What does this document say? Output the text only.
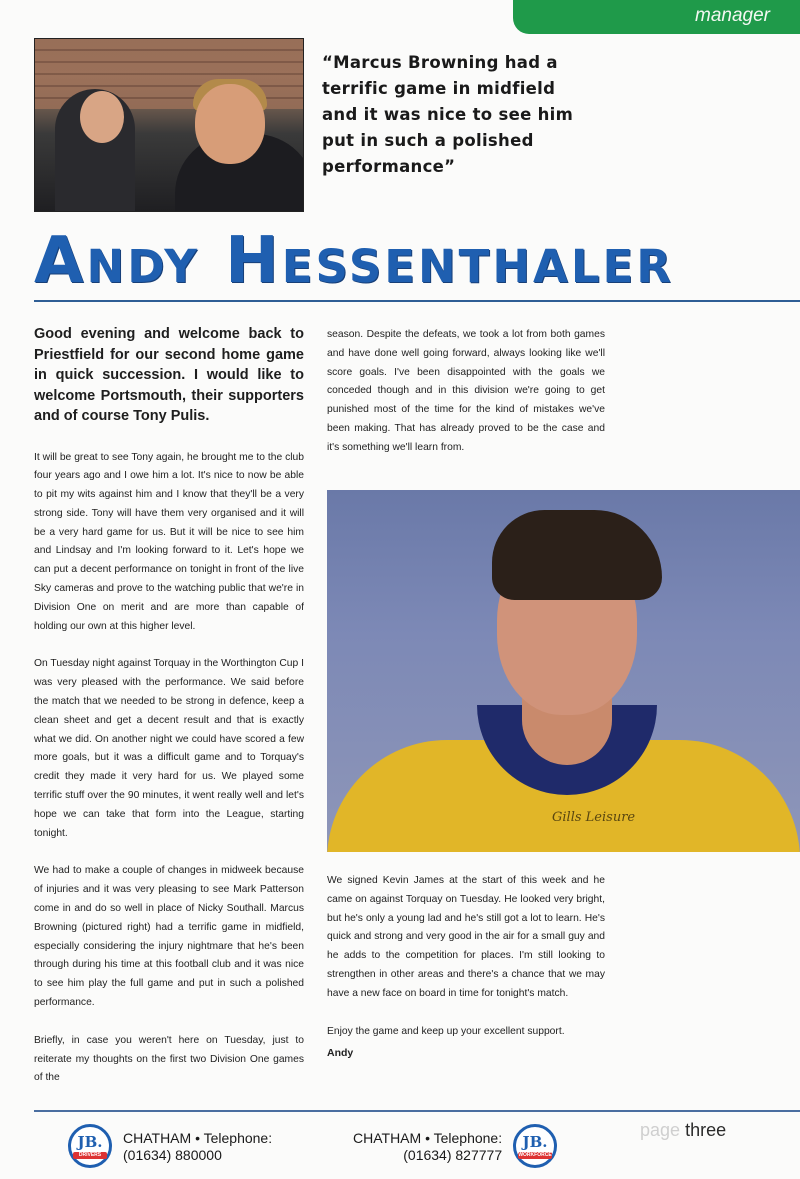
manager
“Marcus Browning had a terrific game in midfield and it was nice to see him put in such a polished performance”
Andy Hessenthaler

Good evening and welcome back to Priestfield for our second home game in quick succession. I would like to welcome Portsmouth, their supporters and of course Tony Pulis.

It will be great to see Tony again, he brought me to the club four years ago and I owe him a lot. It's nice to now be able to pit my wits against him and I know that they'll be a very strong side. Tony will have them very organised and it will be a very hard game for us. But it will be nice to see him and Lindsay and I'm looking forward to it. Let's hope we can put a decent performance on tonight in front of the live Sky cameras and prove to the watching public that we're in Division One on merit and are more than capable of holding our own at this higher level.

On Tuesday night against Torquay in the Worthington Cup I was very pleased with the performance. We said before the match that we needed to be strong in defence, keep a clean sheet and get a decent result and that is exactly what we did. On another night we could have scored a few more goals, but it was a difficult game and to Torquay's credit they made it very hard for us. We played some terrific stuff over the 90 minutes, it went really well and let's hope we can take that form into the League, starting tonight.

We had to make a couple of changes in midweek because of injuries and it was very pleasing to see Mark Patterson come in and do so well in place of Nicky Southall. Marcus Browning (pictured right) had a terrific game in midfield, especially considering the injury nightmare that he's been through during his time at this football club and it was nice to see him play the full game and put in such a polished performance.

Briefly, in case you weren't here on Tuesday, just to reiterate my thoughts on the first two Division One games of the

season. Despite the defeats, we took a lot from both games and have done well going forward, always looking like we'll score goals. I've been disappointed with the goals we conceded though and in this division we're going to get punished most of the time for the kind of mistakes we've been making. That has already proved to be the case and it's something we'll learn from.

Gills Leisure

We signed Kevin James at the start of this week and he came on against Torquay on Tuesday. He looked very bright, but he's only a young lad and he's still got a lot to learn. He's quick and strong and very good in the air for a small guy and he adds to the competition for places. I'm still looking to strengthen in other areas and there's a chance that we may have a new face on board in time for tonight's match.

Enjoy the game and keep up your excellent support.

Andy

JB.
DRIVERS
CHATHAM • Telephone:
(01634) 880000
CHATHAM • Telephone:
(01634) 827777
JB.
WORKFORCE
page three
